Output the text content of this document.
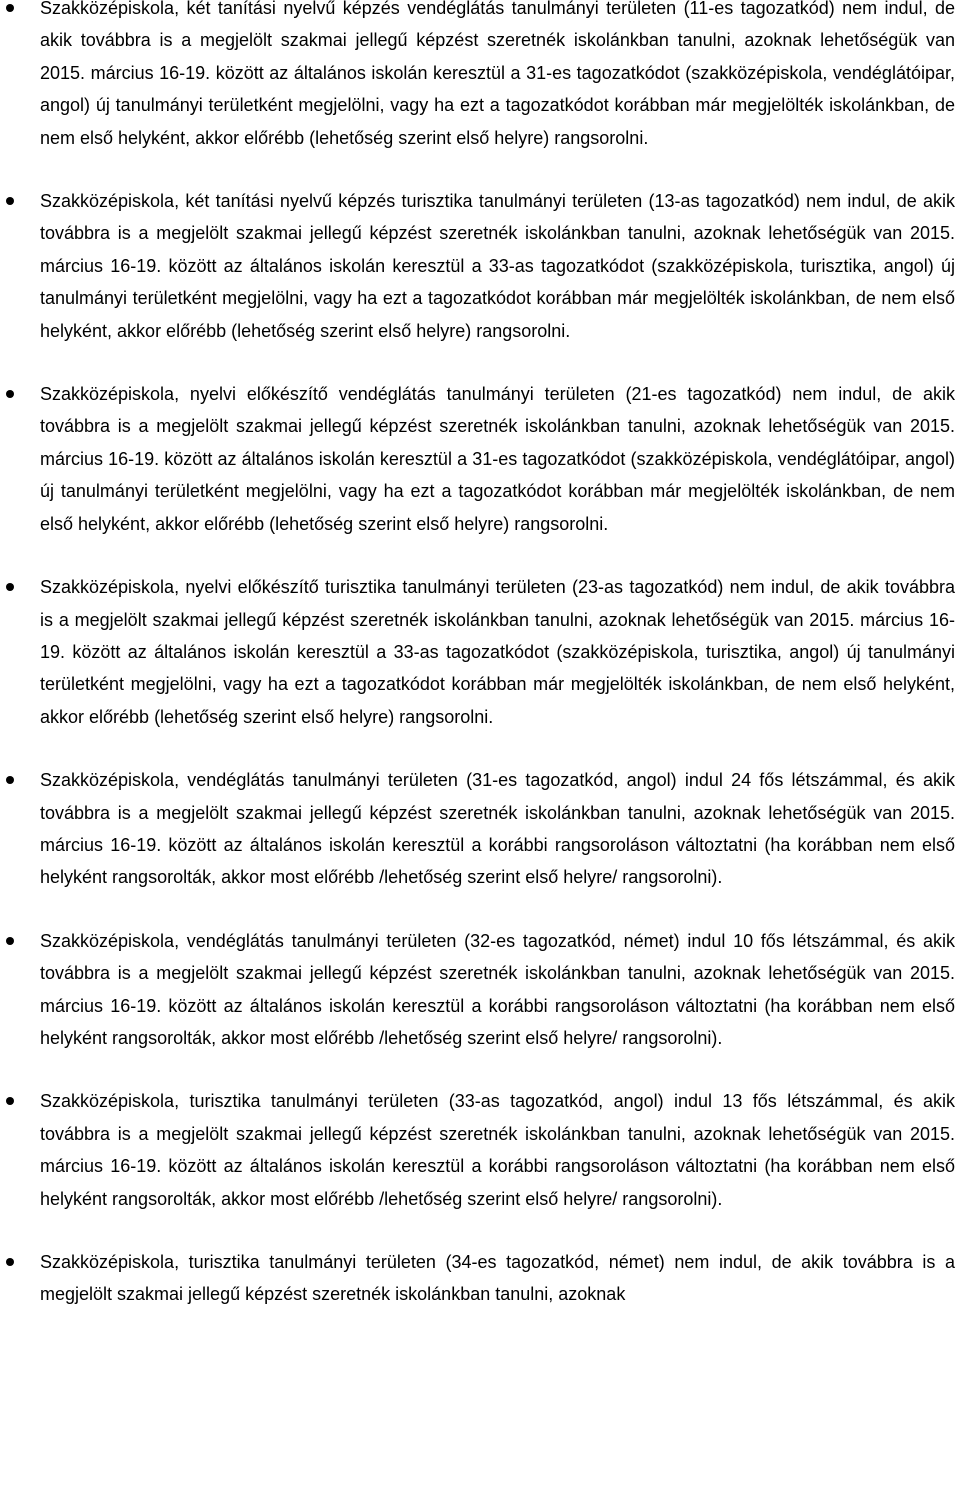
Szakközépiskola, két tanítási nyelvű képzés vendéglátás tanulmányi területen (11-es tagozatkód) nem indul, de akik továbbra is a megjelölt szakmai jellegű képzést szeretnék iskolánkban tanulni, azoknak lehetőségük van 2015. március 16-19. között az általános iskolán keresztül a 31-es tagozatkódot (szakközépiskola, vendéglátóipar, angol) új tanulmányi területként megjelölni, vagy ha ezt a tagozatkódot korábban már megjelölték iskolánkban, de nem első helyként, akkor előrébb (lehetőség szerint első helyre) rangsorolni.

Szakközépiskola, két tanítási nyelvű képzés turisztika tanulmányi területen (13-as tagozatkód) nem indul, de akik továbbra is a megjelölt szakmai jellegű képzést szeretnék iskolánkban tanulni, azoknak lehetőségük van 2015. március 16-19. között az általános iskolán keresztül a 33-as tagozatkódot (szakközépiskola, turisztika, angol) új tanulmányi területként megjelölni, vagy ha ezt a tagozatkódot korábban már megjelölték iskolánkban, de nem első helyként, akkor előrébb (lehetőség szerint első helyre) rangsorolni.

Szakközépiskola, nyelvi előkészítő vendéglátás tanulmányi területen (21-es tagozatkód) nem indul, de akik továbbra is a megjelölt szakmai jellegű képzést szeretnék iskolánkban tanulni, azoknak lehetőségük van 2015. március 16-19. között az általános iskolán keresztül a 31-es tagozatkódot (szakközépiskola, vendéglátóipar, angol) új tanulmányi területként megjelölni, vagy ha ezt a tagozatkódot korábban már megjelölték iskolánkban, de nem első helyként, akkor előrébb (lehetőség szerint első helyre) rangsorolni.

Szakközépiskola, nyelvi előkészítő turisztika tanulmányi területen (23-as tagozatkód) nem indul, de akik továbbra is a megjelölt szakmai jellegű képzést szeretnék iskolánkban tanulni, azoknak lehetőségük van 2015. március 16-19. között az általános iskolán keresztül a 33-as tagozatkódot (szakközépiskola, turisztika, angol) új tanulmányi területként megjelölni, vagy ha ezt a tagozatkódot korábban már megjelölték iskolánkban, de nem első helyként, akkor előrébb (lehetőség szerint első helyre) rangsorolni.

Szakközépiskola, vendéglátás tanulmányi területen (31-es tagozatkód, angol) indul 24 fős létszámmal, és akik továbbra is a megjelölt szakmai jellegű képzést szeretnék iskolánkban tanulni, azoknak lehetőségük van 2015. március 16-19. között az általános iskolán keresztül a korábbi rangsoroláson változtatni (ha korábban nem első helyként rangsorolták, akkor most előrébb /lehetőség szerint első helyre/ rangsorolni).

Szakközépiskola, vendéglátás tanulmányi területen (32-es tagozatkód, német) indul 10 fős létszámmal, és akik továbbra is a megjelölt szakmai jellegű képzést szeretnék iskolánkban tanulni, azoknak lehetőségük van 2015. március 16-19. között az általános iskolán keresztül a korábbi rangsoroláson változtatni (ha korábban nem első helyként rangsorolták, akkor most előrébb /lehetőség szerint első helyre/ rangsorolni).

Szakközépiskola, turisztika tanulmányi területen (33-as tagozatkód, angol) indul 13 fős létszámmal, és akik továbbra is a megjelölt szakmai jellegű képzést szeretnék iskolánkban tanulni, azoknak lehetőségük van 2015. március 16-19. között az általános iskolán keresztül a korábbi rangsoroláson változtatni (ha korábban nem első helyként rangsorolták, akkor most előrébb /lehetőség szerint első helyre/ rangsorolni).

Szakközépiskola, turisztika tanulmányi területen (34-es tagozatkód, német) nem indul, de akik továbbra is a megjelölt szakmai jellegű képzést szeretnék iskolánkban tanulni, azoknak
